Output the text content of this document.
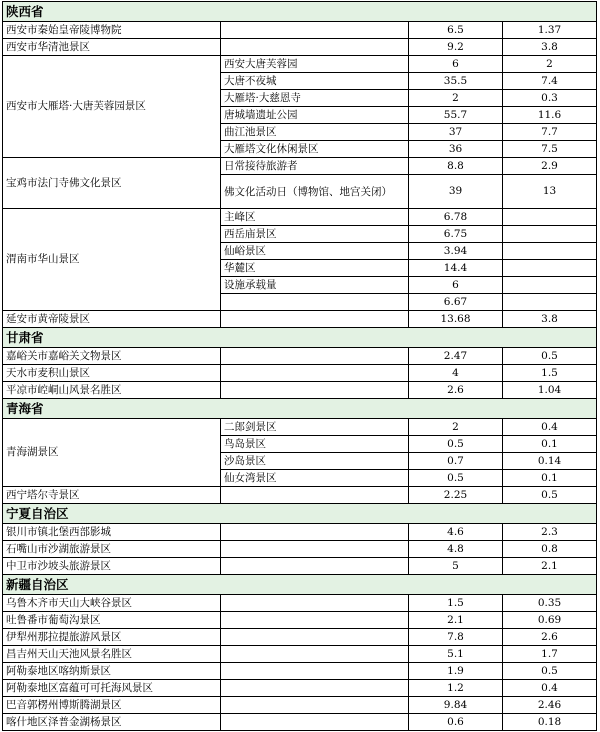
陕西省			
西安市秦始皇帝陵博物院		6.5	1.37
西安市华清池景区		9.2	3.8
西安市大雁塔·大唐芙蓉园景区	西安大唐芙蓉园	6	2
	大唐不夜城	35.5	7.4
	大雁塔·大慈恩寺	2	0.3
	唐城墙遗址公园	55.7	11.6
	曲江池景区	37	7.7
	大雁塔文化休闲景区	36	7.5
宝鸡市法门寺佛文化景区	日常接待旅游者	8.8	2.9
	佛文化活动日（博物馆、地宫关闭）	39	13
渭南市华山景区	主峰区	6.78	
	西岳庙景区	6.75	
	仙峪景区	3.94	
	华麓区	14.4	
	设施承载量	6	
		6.67	
延安市黄帝陵景区		13.68	3.8
甘肃省			
嘉峪关市嘉峪关文物景区		2.47	0.5
天水市麦积山景区		4	1.5
平凉市崆峒山风景名胜区		2.6	1.04
青海省			
青海湖景区	二郎剑景区	2	0.4
	鸟岛景区	0.5	0.1
	沙岛景区	0.7	0.14
	仙女湾景区	0.5	0.1
西宁塔尔寺景区		2.25	0.5
宁夏自治区			
银川市镇北堡西部影城		4.6	2.3
石嘴山市沙湖旅游景区		4.8	0.8
中卫市沙坡头旅游景区		5	2.1
新疆自治区			
乌鲁木齐市天山大峡谷景区		1.5	0.35
吐鲁番市葡萄沟景区		2.1	0.69
伊犁州那拉提旅游风景区		7.8	2.6
昌吉州天山天池风景名胜区		5.1	1.7
阿勒泰地区喀纳斯景区		1.9	0.5
阿勒泰地区富蕴可可托海风景区		1.2	0.4
巴音郭楞州博斯腾湖景区		9.84	2.46
喀什地区泽普金湖杨景区		0.6	0.18
